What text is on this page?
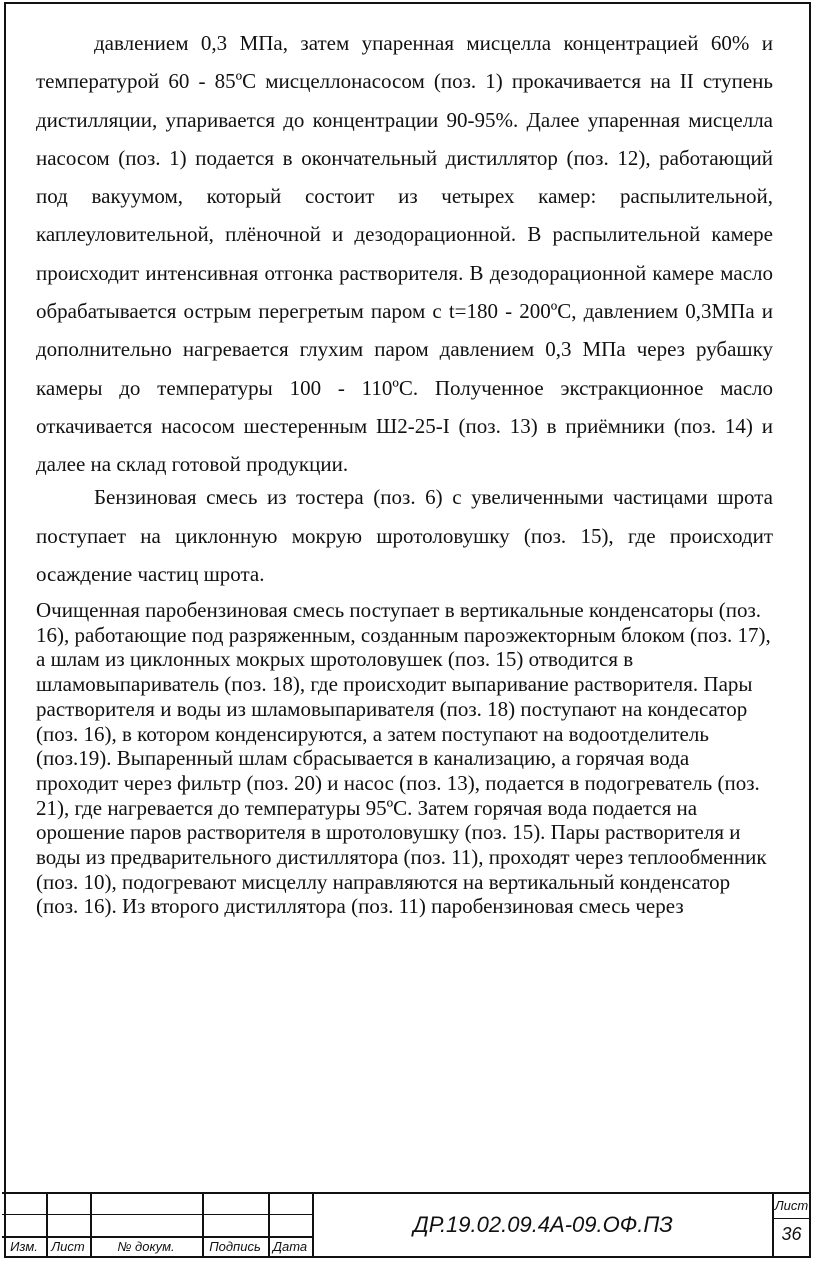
давлением 0,3 МПа, затем упаренная мисцелла концентрацией 60% и температурой 60 - 85ºС мисцеллонасосом (поз. 1) прокачивается на II ступень дистилляции, упаривается до концентрации 90-95%. Далее упаренная мисцелла насосом (поз. 1) подается в окончательный дистиллятор (поз. 12), работающий под вакуумом, который состоит из четырех камер: распылительной, каплеуловительной, плёночной и дезодорационной. В распылительной камере происходит интенсивная отгонка растворителя. В дезодорационной камере масло обрабатывается острым перегретым паром с t=180 - 200ºС, давлением 0,3МПа и дополнительно нагревается глухим паром давлением 0,3 МПа через рубашку камеры до температуры 100 - 110ºС. Полученное экстракционное масло откачивается насосом шестеренным Ш2-25-I (поз. 13) в приёмники (поз. 14) и далее на склад готовой продукции.

Бензиновая смесь из тостера (поз. 6) с увеличенными частицами шрота поступает на циклонную мокрую шротоловушку (поз. 15), где происходит осаждение частиц шрота.

Очищенная паробензиновая смесь поступает в вертикальные конденсаторы (поз. 16), работающие под разряженным, созданным пароэжекторным блоком (поз. 17), а шлам из циклонных мокрых шротоловушек (поз. 15) отводится в шламовыпариватель (поз. 18), где происходит выпаривание растворителя. Пары растворителя и воды из шламовыпаривателя (поз. 18) поступают на кондесатор (поз. 16), в котором конденсируются, а затем поступают на водоотделитель (поз.19). Выпаренный шлам сбрасывается в канализацию, а горячая вода проходит через фильтр (поз. 20) и насос (поз. 13), подается в подогреватель (поз. 21), где нагревается до температуры 95ºС. Затем горячая вода подается на орошение паров растворителя в шротоловушку (поз. 15). Пары растворителя и воды из предварительного дистиллятора (поз. 11), проходят через теплообменник (поз. 10), подогревают мисцеллу направляются на вертикальный конденсатор (поз. 16). Из второго дистиллятора (поз. 11) паробензиновая смесь через

Изм.	Лист	№ докум.	Подпись Дата
ДР.19.02.09.4А-09.ОФ.ПЗ
Лист
36
